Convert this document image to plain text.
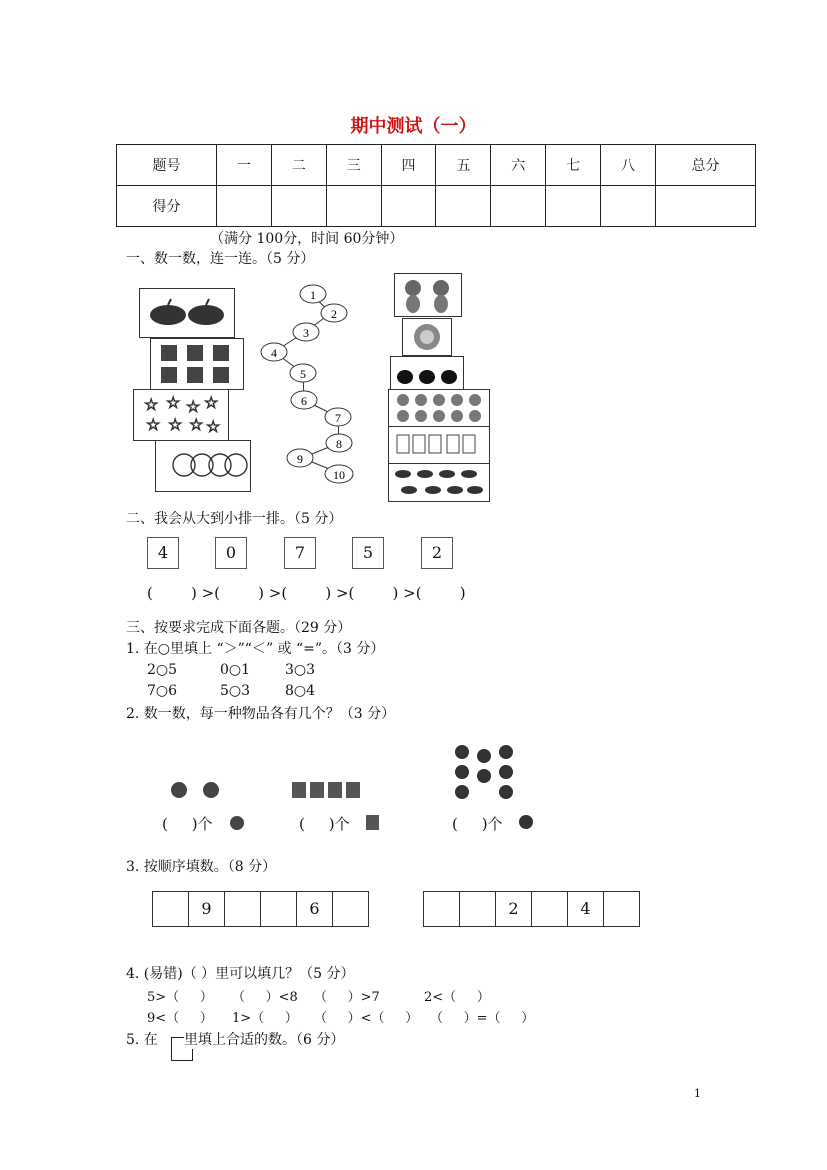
期中测试（一）
题号	一	二	三	四	五	六	七	八	总分
得分									
（满分 100分，时间 60分钟）
一、数一数，连一连。（5 分）
☆ ☆ ☆ ☆
☆ ☆ ☆ ☆
1
2
3
4
5
6
7
8
9
10
二、我会从大到小排一排。（5 分）
4	0	7	5	2
(        ) >(        ) >(        ) >(        ) >(        )
三、按要求完成下面各题。（29 分）
1. 在○里填上 “＞”“＜” 或 “=”。（3 分）
2○5	0○1 3○3
7○6	5○3 8○4
2. 数一数，每一种物品各有几个？（3 分）
(     )个	(     )个	(     )个
3. 按顺序填数。（8 分）
9	6	2	4
4. (易错)（ ）里可以填几？（5 分）
5>（     ） （     ）<8 （     ）>7	2<（     ）
9<（     ） 1>（     ） （     ）<（     ） （     ）=（     ）
5. 在 里填上合适的数。（6 分）
1
